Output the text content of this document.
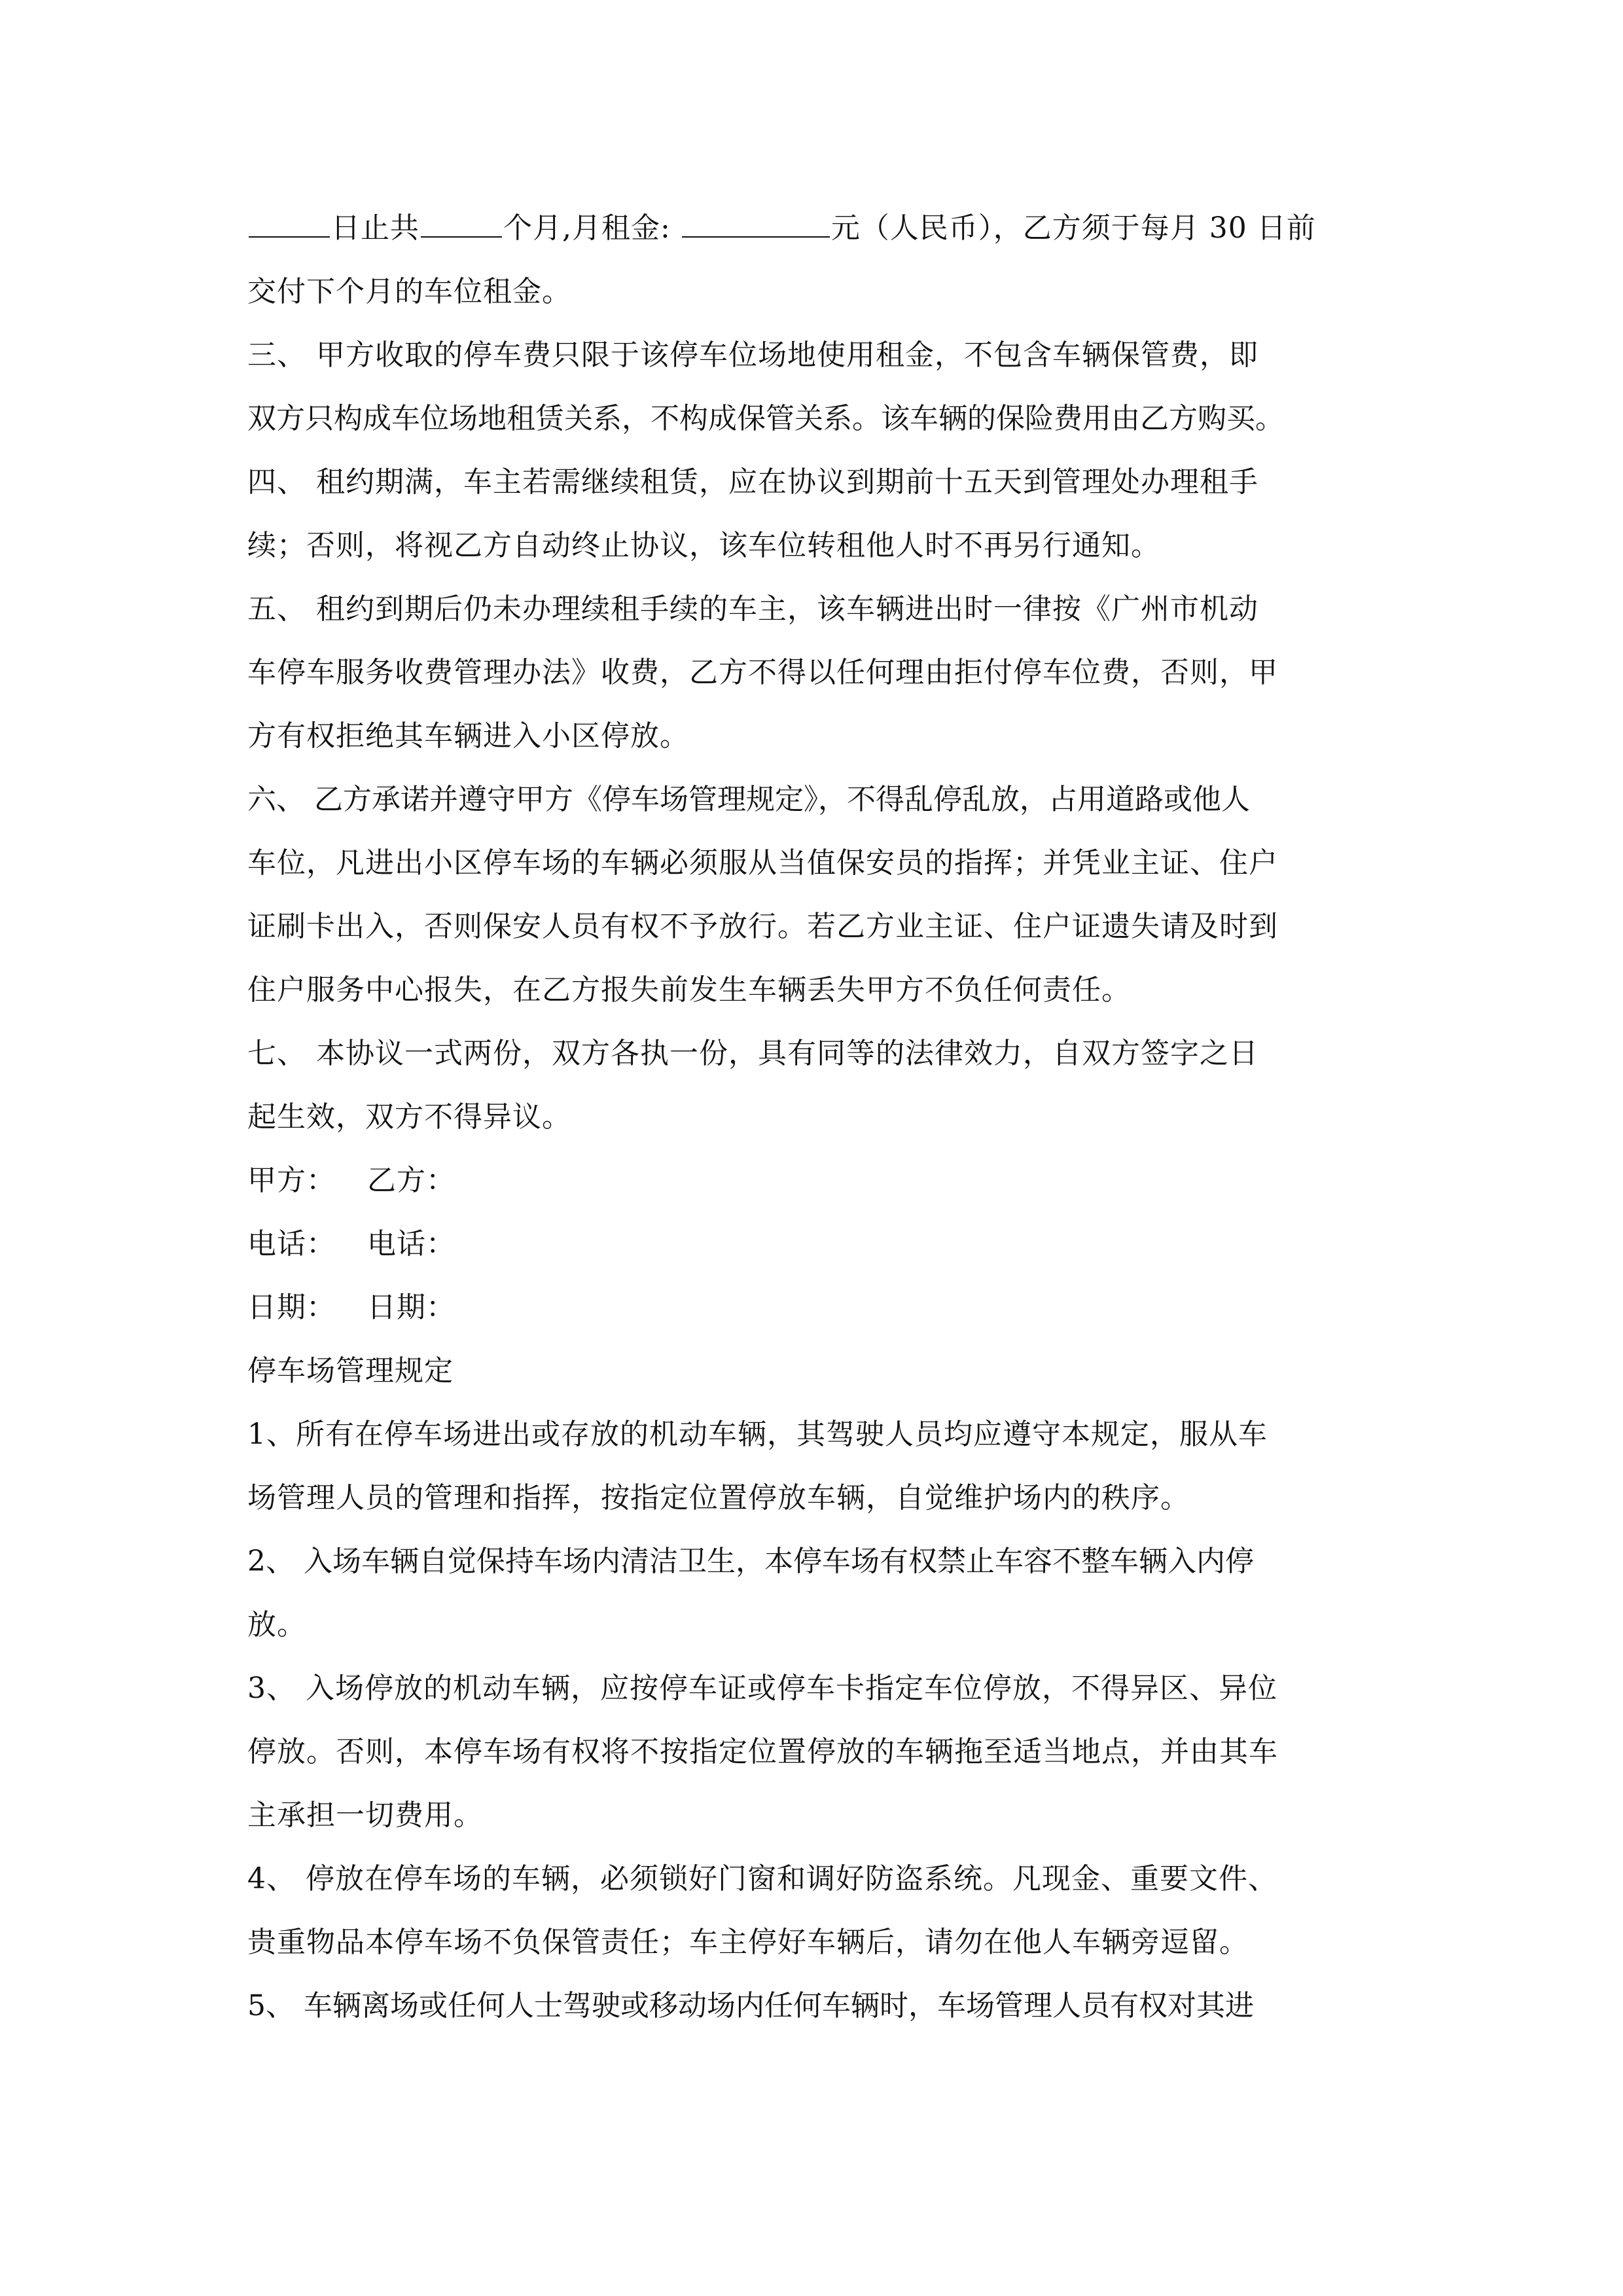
日止共	个月,月租金:	元（人民币），乙方须于每月 30 日前
交付下个月的车位租金。
三、 甲方收取的停车费只限于该停车位场地使用租金，不包含车辆保管费，即
双方只构成车位场地租赁关系，不构成保管关系。该车辆的保险费用由乙方购买。
四、 租约期满，车主若需继续租赁，应在协议到期前十五天到管理处办理租手
续；否则，将视乙方自动终止协议，该车位转租他人时不再另行通知。
五、 租约到期后仍未办理续租手续的车主，该车辆进出时一律按《广州市机动
车停车服务收费管理办法》收费，乙方不得以任何理由拒付停车位费，否则，甲
方有权拒绝其车辆进入小区停放。
六、 乙方承诺并遵守甲方《停车场管理规定》，不得乱停乱放，占用道路或他人
车位，凡进出小区停车场的车辆必须服从当值保安员的指挥；并凭业主证、住户
证刷卡出入，否则保安人员有权不予放行。若乙方业主证、住户证遗失请及时到
住户服务中心报失，在乙方报失前发生车辆丢失甲方不负任何责任。
七、 本协议一式两份，双方各执一份，具有同等的法律效力，自双方签字之日
起生效，双方不得异议。
甲方： 乙方：
电话： 电话：
日期： 日期：
停车场管理规定
1、所有在停车场进出或存放的机动车辆，其驾驶人员均应遵守本规定，服从车
场管理人员的管理和指挥，按指定位置停放车辆，自觉维护场内的秩序。
2、 入场车辆自觉保持车场内清洁卫生，本停车场有权禁止车容不整车辆入内停
放。
3、 入场停放的机动车辆，应按停车证或停车卡指定车位停放，不得异区、异位
停放。否则，本停车场有权将不按指定位置停放的车辆拖至适当地点，并由其车
主承担一切费用。
4、 停放在停车场的车辆，必须锁好门窗和调好防盗系统。凡现金、重要文件、
贵重物品本停车场不负保管责任；车主停好车辆后，请勿在他人车辆旁逗留。
5、 车辆离场或任何人士驾驶或移动场内任何车辆时，车场管理人员有权对其进
